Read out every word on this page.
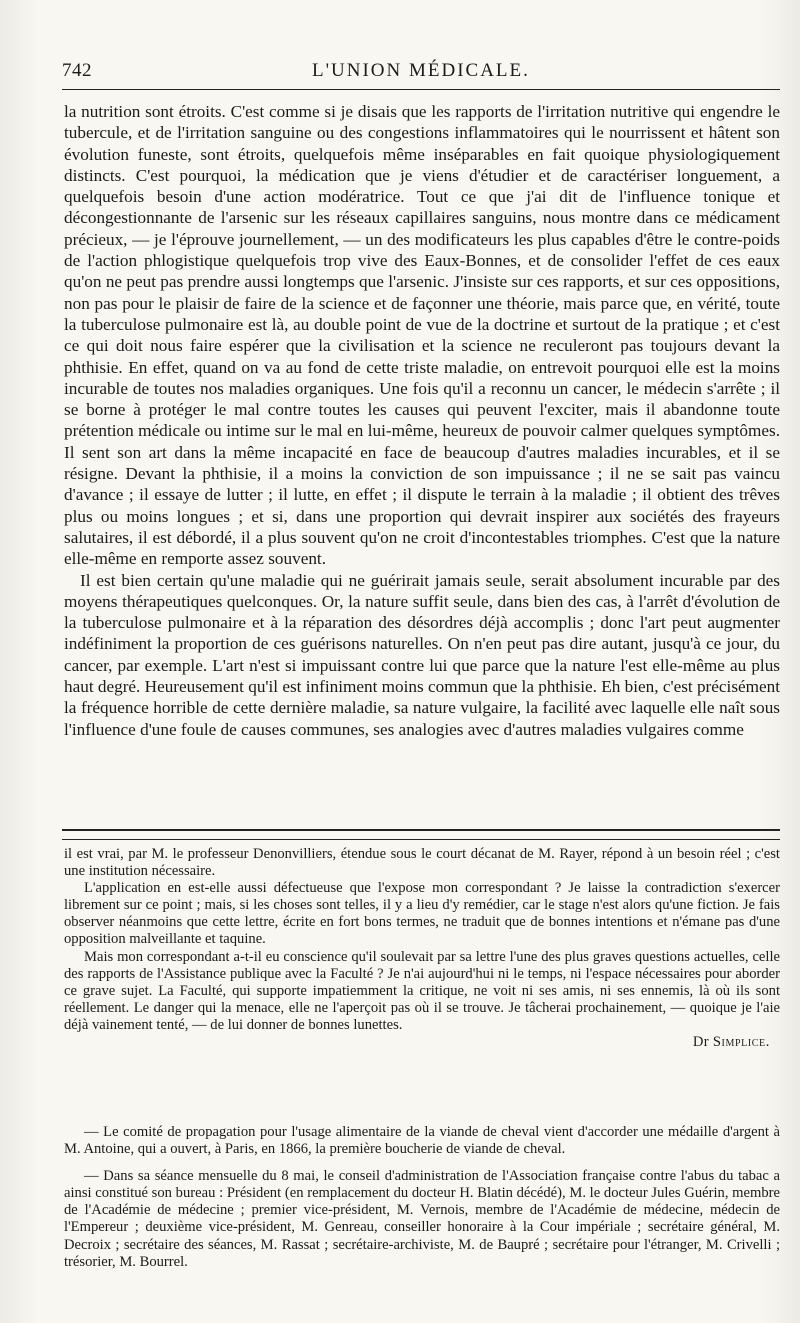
742	L'UNION MÉDICALE.

la nutrition sont étroits. C'est comme si je disais que les rapports de l'irritation nutritive qui engendre le tubercule, et de l'irritation sanguine ou des congestions inflammatoires qui le nourrissent et hâtent son évolution funeste, sont étroits, quelquefois même inséparables en fait quoique physiologiquement distincts. C'est pourquoi, la médication que je viens d'étudier et de caractériser longuement, a quelquefois besoin d'une action modératrice. Tout ce que j'ai dit de l'influence tonique et décongestionnante de l'arsenic sur les réseaux capillaires sanguins, nous montre dans ce médicament précieux, — je l'éprouve journellement, — un des modificateurs les plus capables d'être le contre-poids de l'action phlogistique quelquefois trop vive des Eaux-Bonnes, et de consolider l'effet de ces eaux qu'on ne peut pas prendre aussi longtemps que l'arsenic. J'insiste sur ces rapports, et sur ces oppositions, non pas pour le plaisir de faire de la science et de façonner une théorie, mais parce que, en vérité, toute la tuberculose pulmonaire est là, au double point de vue de la doctrine et surtout de la pratique ; et c'est ce qui doit nous faire espérer que la civilisation et la science ne reculeront pas toujours devant la phthisie. En effet, quand on va au fond de cette triste maladie, on entrevoit pourquoi elle est la moins incurable de toutes nos maladies organiques. Une fois qu'il a reconnu un cancer, le médecin s'arrête ; il se borne à protéger le mal contre toutes les causes qui peuvent l'exciter, mais il abandonne toute prétention médicale ou intime sur le mal en lui-même, heureux de pouvoir calmer quelques symptômes. Il sent son art dans la même incapacité en face de beaucoup d'autres maladies incurables, et il se résigne. Devant la phthisie, il a moins la conviction de son impuissance ; il ne se sait pas vaincu d'avance ; il essaye de lutter ; il lutte, en effet ; il dispute le terrain à la maladie ; il obtient des trêves plus ou moins longues ; et si, dans une proportion qui devrait inspirer aux sociétés des frayeurs salutaires, il est débordé, il a plus souvent qu'on ne croit d'incontestables triomphes. C'est que la nature elle-même en remporte assez souvent.

Il est bien certain qu'une maladie qui ne guérirait jamais seule, serait absolument incurable par des moyens thérapeutiques quelconques. Or, la nature suffit seule, dans bien des cas, à l'arrêt d'évolution de la tuberculose pulmonaire et à la réparation des désordres déjà accomplis ; donc l'art peut augmenter indéfiniment la proportion de ces guérisons naturelles. On n'en peut pas dire autant, jusqu'à ce jour, du cancer, par exemple. L'art n'est si impuissant contre lui que parce que la nature l'est elle-même au plus haut degré. Heureusement qu'il est infiniment moins commun que la phthisie. Eh bien, c'est précisément la fréquence horrible de cette dernière maladie, sa nature vulgaire, la facilité avec laquelle elle naît sous l'influence d'une foule de causes communes, ses analogies avec d'autres maladies vulgaires comme

il est vrai, par M. le professeur Denonvilliers, étendue sous le court décanat de M. Rayer, répond à un besoin réel ; c'est une institution nécessaire.

L'application en est-elle aussi défectueuse que l'expose mon correspondant ? Je laisse la contradiction s'exercer librement sur ce point ; mais, si les choses sont telles, il y a lieu d'y remédier, car le stage n'est alors qu'une fiction. Je fais observer néanmoins que cette lettre, écrite en fort bons termes, ne traduit que de bonnes intentions et n'émane pas d'une opposition malveillante et taquine.

Mais mon correspondant a-t-il eu conscience qu'il soulevait par sa lettre l'une des plus graves questions actuelles, celle des rapports de l'Assistance publique avec la Faculté ? Je n'ai aujourd'hui ni le temps, ni l'espace nécessaires pour aborder ce grave sujet. La Faculté, qui supporte impatiemment la critique, ne voit ni ses amis, ni ses ennemis, là où ils sont réellement. Le danger qui la menace, elle ne l'aperçoit pas où il se trouve. Je tâcherai prochainement, — quoique je l'aie déjà vainement tenté, — de lui donner de bonnes lunettes.

Dr Simplice.

— Le comité de propagation pour l'usage alimentaire de la viande de cheval vient d'accorder une médaille d'argent à M. Antoine, qui a ouvert, à Paris, en 1866, la première boucherie de viande de cheval.

— Dans sa séance mensuelle du 8 mai, le conseil d'administration de l'Association française contre l'abus du tabac a ainsi constitué son bureau : Président (en remplacement du docteur H. Blatin décédé), M. le docteur Jules Guérin, membre de l'Académie de médecine ; premier vice-président, M. Vernois, membre de l'Académie de médecine, médecin de l'Empereur ; deuxième vice-président, M. Genreau, conseiller honoraire à la Cour impériale ; secrétaire général, M. Decroix ; secrétaire des séances, M. Rassat ; secrétaire-archiviste, M. de Baupré ; secrétaire pour l'étranger, M. Crivelli ; trésorier, M. Bourrel.
